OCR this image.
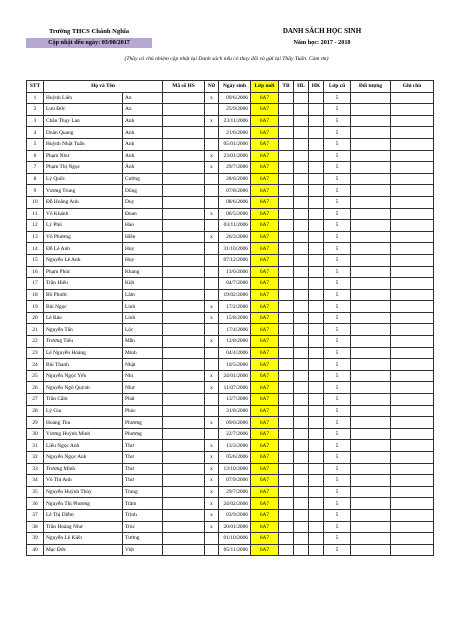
Trường THCS Chánh Nghĩa
Cập nhật đến ngày: 03/08/2017
DANH SÁCH HỌC SINH
Năm học: 2017 - 2018
(Thầy cô chủ nhiệm cập nhật lại Danh sách nếu có thay đổi và gửi lại Thầy Tuấn. Cám ơn)
STT	Họ và Tên		Mã số HS	Nữ	Ngày sinh	Lớp mới	TB	HL	HK	Lớp cũ	Đối tượng	Ghi chú
1	Huỳnh Liên	An		x	09/6/2006	6A7				5		
2	Lưu Đức	An			25/9/2006	6A7				5		
3	Châu Thụy Lan	Anh		x	23/11/2006	6A7				5		
4	Doãn Quang	Anh			21/6/2006	6A7				5		
5	Huỳnh Nhật Tuấn	Anh			05/01/2006	6A7				5		
6	Phạm Như	Anh		x	23/01/2006	6A7				5		
7	Phạm Thị Ngọc	Ánh		x	29/7/2006	6A7				5		
8	Lý Quốc	Cường			28/6/2006	6A7				5		
9	Vương Trung	Dũng			07/8/2006	6A7				5		
10	Đỗ Hoàng Anh	Duy			08/6/2006	6A7				5		
11	Võ Khánh	Đoan		x	06/5/2006	6A7				5		
12	Lý Phú	Hào			03/11/2006	6A7				5		
13	Võ Phương	Hiền		x	26/3/2006	6A7				5		
14	Đỗ Lê Anh	Huy			31/10/2006	6A7				5		
15	Nguyễn Lê Anh	Huy			07/12/2006	6A7				5		
16	Phạm Phúc	Khang			13/6/2006	6A7				5		
17	Trần Hiếu	Kiệt			04/7/2006	6A7				5		
18	Bồ Phước	Lâm			19/02/2006	6A7				5		
19	Bùi Ngọc	Linh		x	17/2/2006	6A7				5		
20	Lê Bảo	Linh		x	15/8/2006	6A7				5		
21	Nguyễn Tấn	Lộc			17/4/2006	6A7				5		
22	Trương Tiểu	Mẫn		x	12/8/2006	6A7				5		
23	Lê Nguyễn Hoàng	Minh			04/4/2006	6A7				5		
24	Bùi Thanh	Nhật			10/5/2006	6A7				5		
25	Nguyễn Ngọc Yến	Nhi		x	24/01/2006	6A7				5		
26	Nguyễn Ngô Quỳnh	Như		x	11/07/2006	6A7				5		
27	Trần Cẩm	Phát			13/7/2006	6A7				5		
28	Lý Gia	Phúc			31/8/2006	6A7				5		
29	Hoàng Thu	Phương		x	09/6/2006	6A7				5		
30	Vương Huỳnh Minh	Phương			22/7/2006	6A7				5		
31	Liêu Ngọc Anh	Thư		x	13/3/2006	6A7				5		
32	Nguyễn Ngọc Anh	Thư		x	05/6/2006	6A7				5		
33	Trương Minh	Thư		x	13/10/2006	6A7				5		
34	Võ Thi Anh	Thư		x	07/9/2006	6A7				5		
35	Nguyễn Huỳnh Thùy	Trang		x	29/7/2006	6A7				5		
36	Nguyễn Thị Phương	Trâm		x	24/02/2006	6A7				5		
37	Lê Thị Diễm	Trinh		x	03/9/2006	6A7				5		
38	Trần Hoàng Như	Trúc		x	20/01/2006	6A7				5		
39	Nguyễn Lê Kiến	Tường			01/10/2006	6A7				5		
40	Mạc Đức	Việt			05/11/2006	6A7				5		
